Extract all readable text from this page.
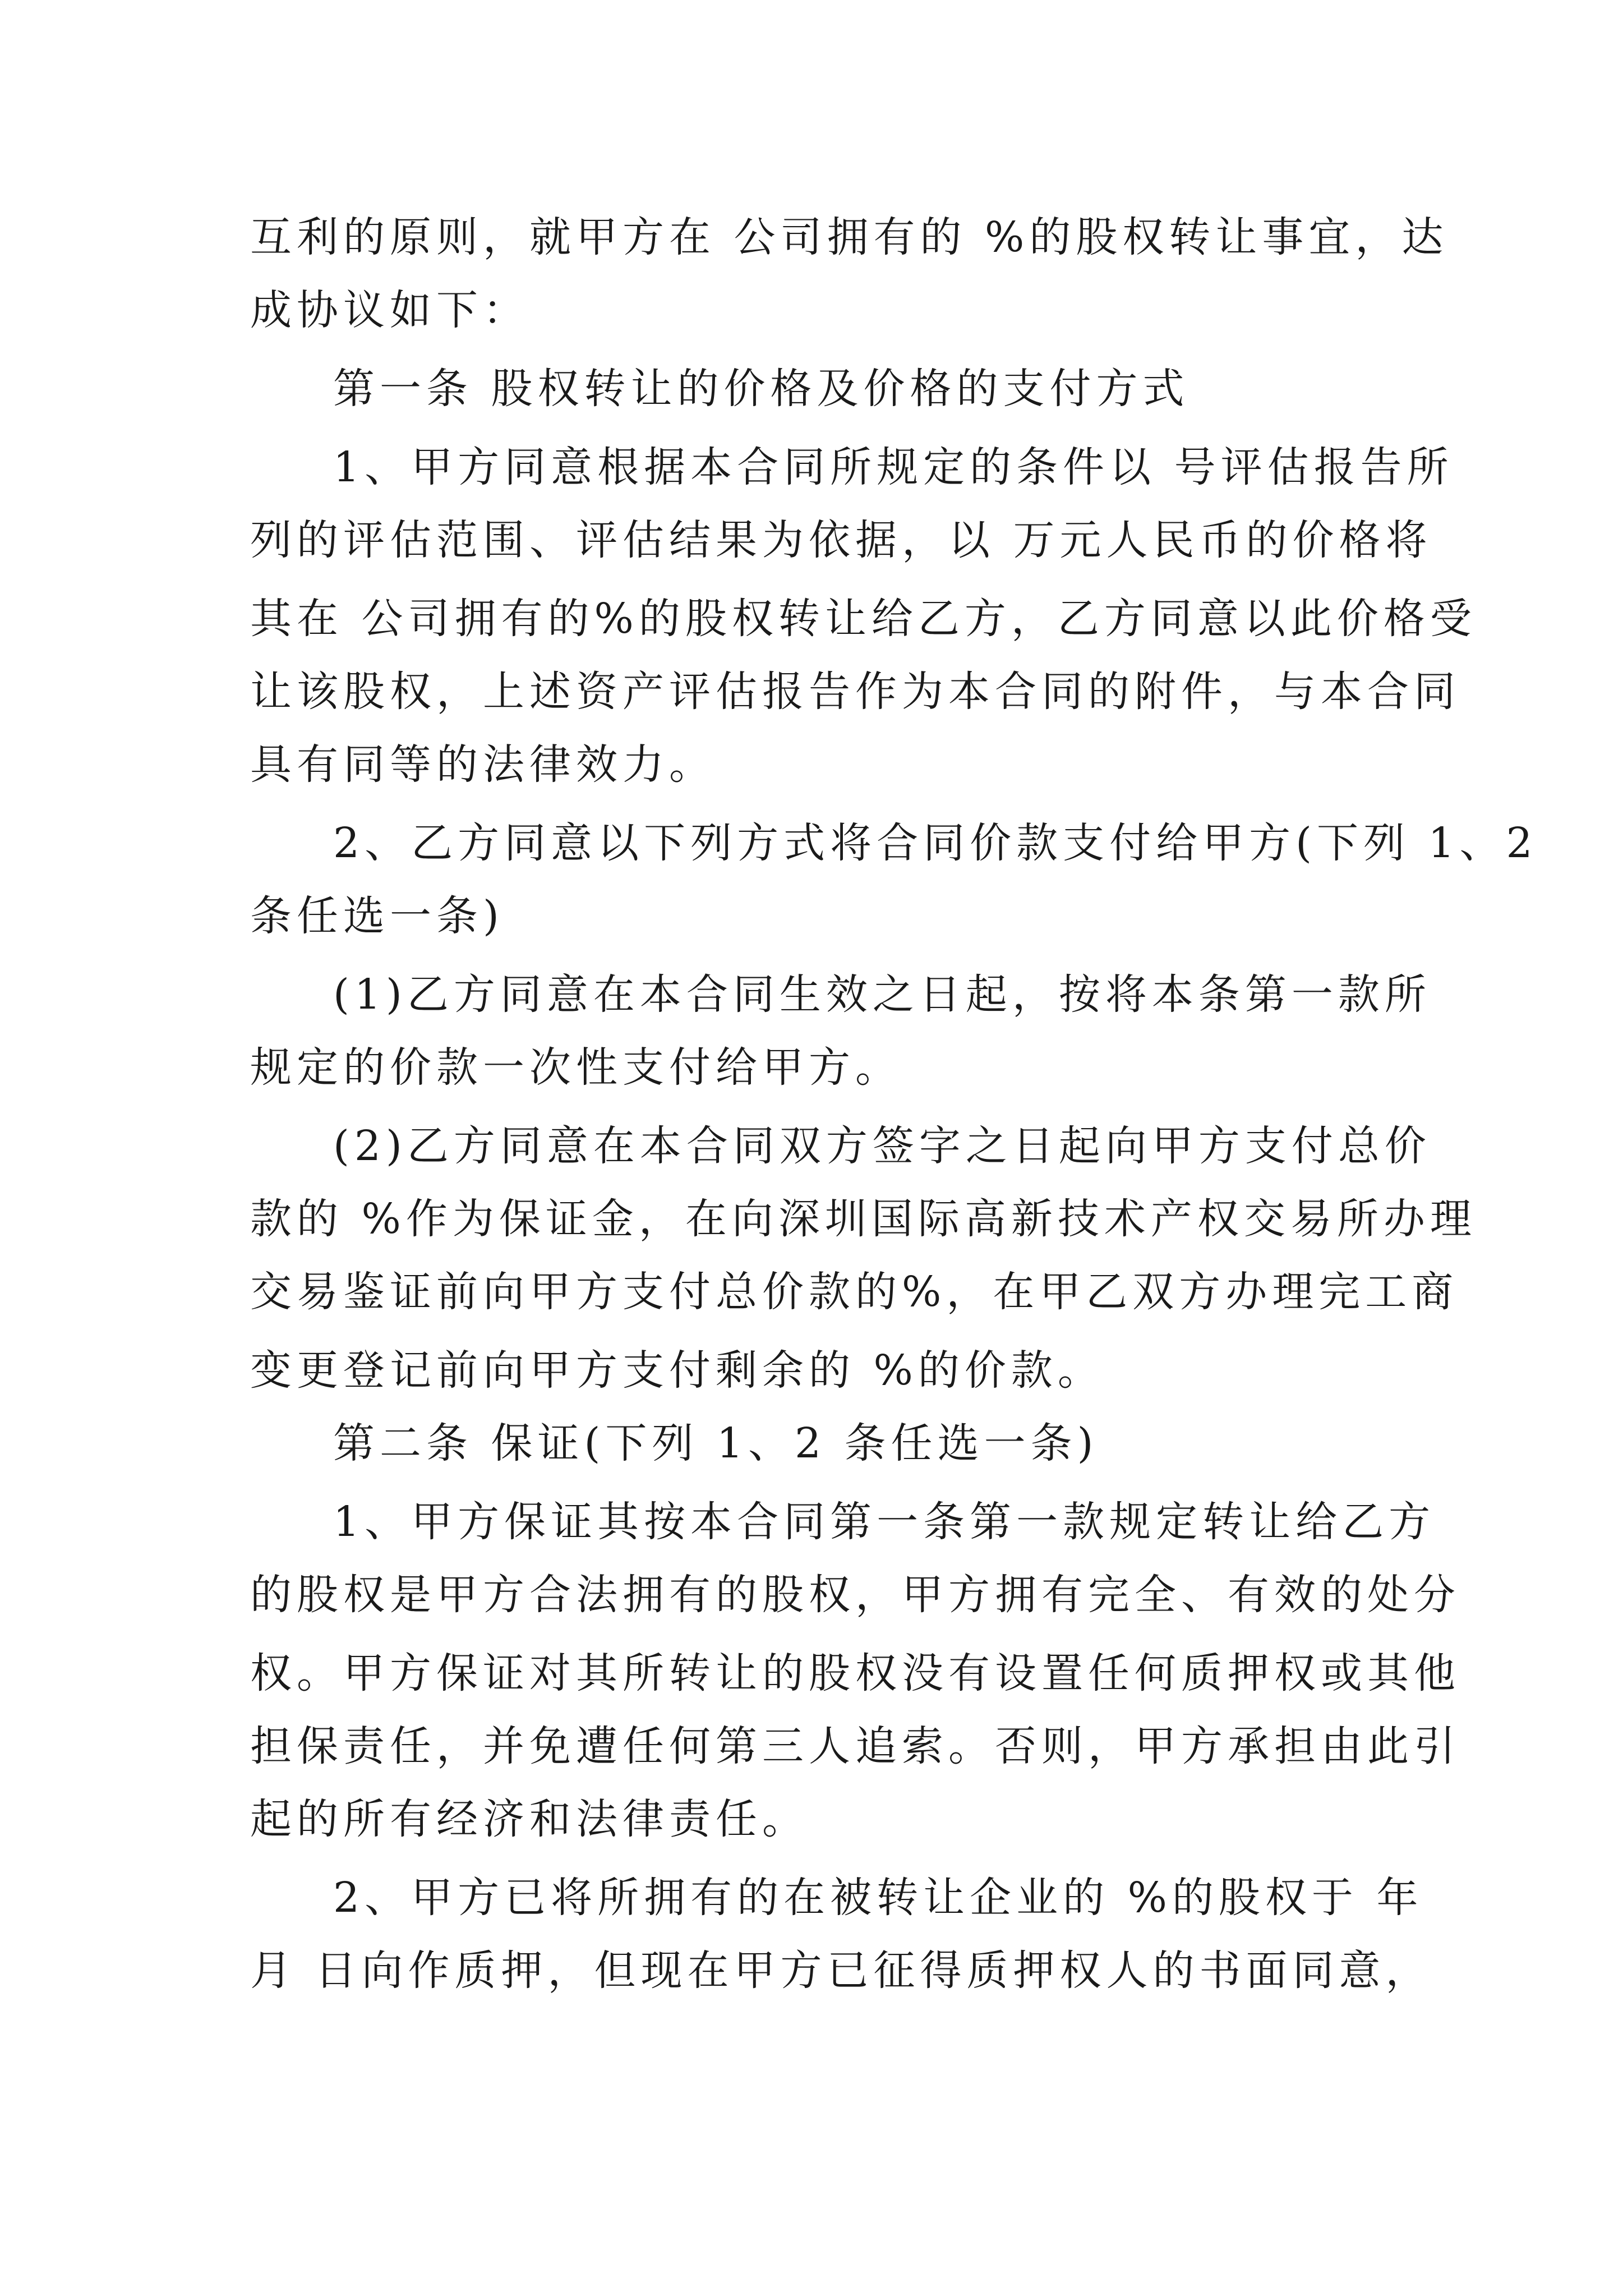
互利的原则，就甲方在 公司拥有的 %的股权转让事宜，达

成协议如下：

第一条 股权转让的价格及价格的支付方式

1、甲方同意根据本合同所规定的条件以 号评估报告所

列的评估范围、评估结果为依据，以 万元人民币的价格将

其在 公司拥有的%的股权转让给乙方，乙方同意以此价格受

让该股权，上述资产评估报告作为本合同的附件，与本合同

具有同等的法律效力。

2、乙方同意以下列方式将合同价款支付给甲方(下列 1、2

条任选一条)

(1)乙方同意在本合同生效之日起，按将本条第一款所

规定的价款一次性支付给甲方。

(2)乙方同意在本合同双方签字之日起向甲方支付总价

款的 %作为保证金，在向深圳国际高新技术产权交易所办理

交易鉴证前向甲方支付总价款的%，在甲乙双方办理完工商

变更登记前向甲方支付剩余的 %的价款。

第二条 保证(下列 1、2 条任选一条)

1、甲方保证其按本合同第一条第一款规定转让给乙方

的股权是甲方合法拥有的股权，甲方拥有完全、有效的处分

权。甲方保证对其所转让的股权没有设置任何质押权或其他

担保责任，并免遭任何第三人追索。否则，甲方承担由此引

起的所有经济和法律责任。

2、甲方已将所拥有的在被转让企业的 %的股权于 年

月 日向作质押，但现在甲方已征得质押权人的书面同意，
